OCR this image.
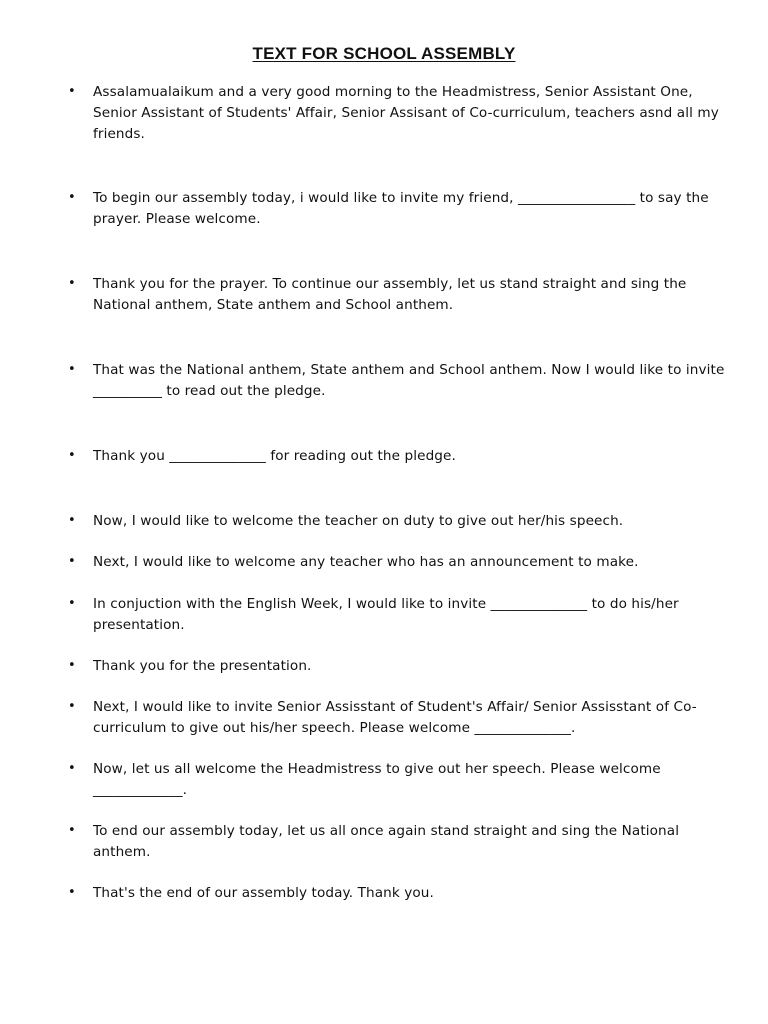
TEXT FOR SCHOOL ASSEMBLY
• Assalamualaikum and a very good morning to the Headmistress, Senior Assistant One, Senior Assistant of Students' Affair, Senior Assisant of Co-curriculum, teachers asnd all my friends.
• To begin our assembly today, i would like to invite my friend, _________________ to say the prayer. Please welcome.
• Thank you for the prayer. To continue our assembly, let us stand straight and sing the National anthem, State anthem and School anthem.
• That was the National anthem, State anthem and School anthem. Now I would like to invite __________ to read out the pledge.
• Thank you ______________ for reading out the pledge.
• Now, I would like to welcome the teacher on duty to give out her/his speech.
• Next, I would like to welcome any teacher who has an announcement to make.
• In conjuction with the English Week, I would like to invite ______________ to do his/her presentation.
• Thank you for the presentation.
• Next, I would like to invite Senior Assisstant of Student's Affair/ Senior Assisstant of Co-curriculum to give out his/her speech. Please welcome ______________.
• Now, let us all welcome the Headmistress to give out her speech. Please welcome _____________.
• To end our assembly today, let us all once again stand straight and sing the National anthem.
• That's the end of our assembly today. Thank you.
